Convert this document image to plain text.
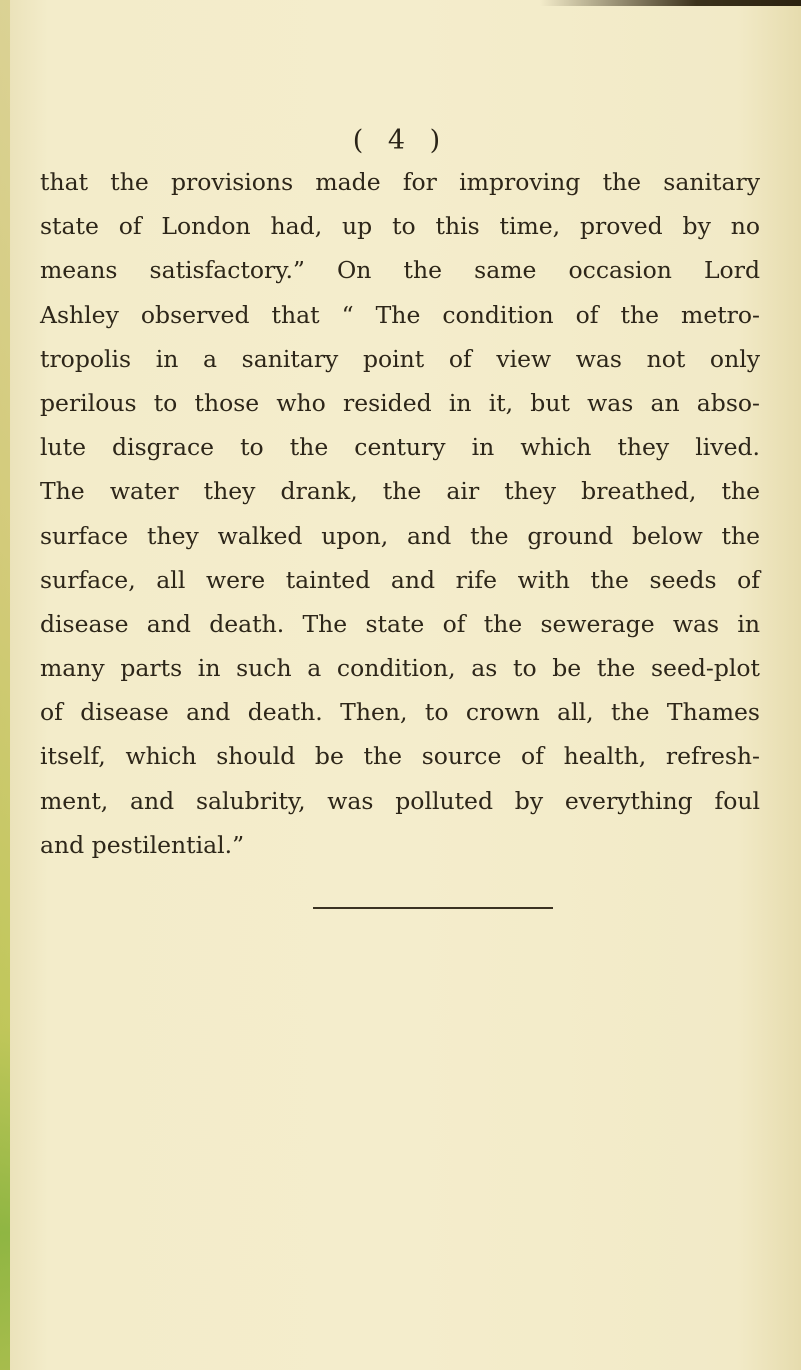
( 4 )
that the provisions made for improving the sanitary
state of London had, up to this time, proved by no
means satisfactory.” On the same occasion Lord
Ashley observed that “ The condition of the metro-
tropolis in a sanitary point of view was not only
perilous to those who resided in it, but was an abso-
lute disgrace to the century in which they lived.
The water they drank, the air they breathed, the
surface they walked upon, and the ground below the
surface, all were tainted and rife with the seeds of
disease and death. The state of the sewerage was in
many parts in such a condition, as to be the seed-plot
of disease and death. Then, to crown all, the Thames
itself, which should be the source of health, refresh-
ment, and salubrity, was polluted by everything foul
and pestilential.”
